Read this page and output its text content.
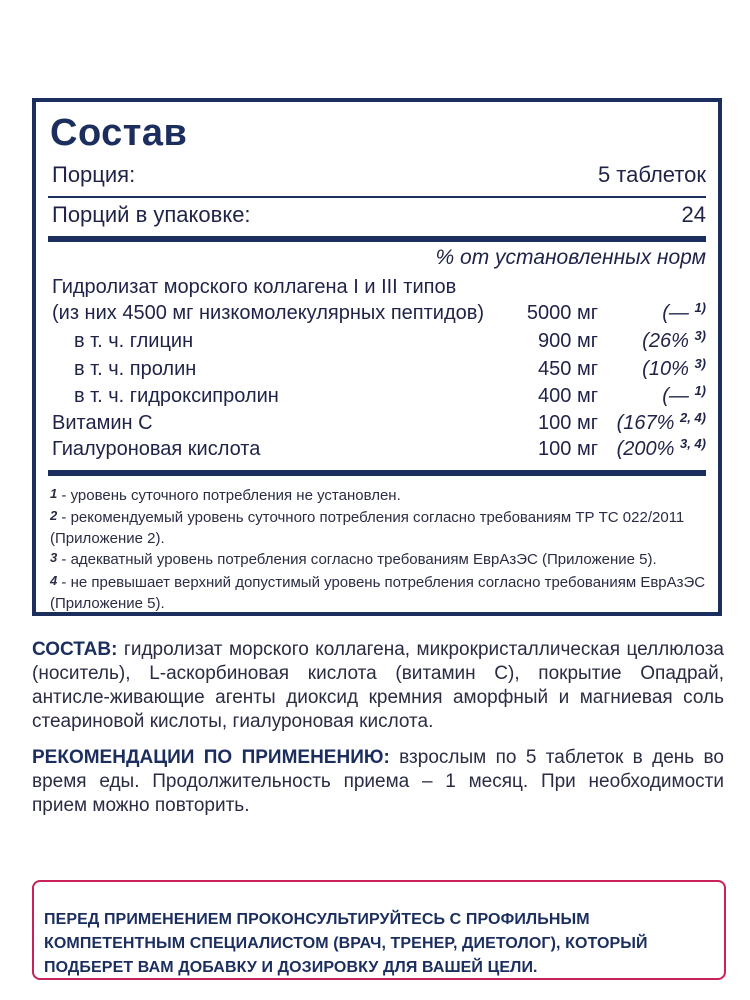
Состав
Порция:	5 таблеток
Порций в упаковке:	24
% от установленных норм
Гидролизат морского коллагена I и III типов
(из них 4500 мг низкомолекулярных пептидов) 5000 мг	(— $^{1)}$
в т. ч. глицин	900 мг (26% $^{3)}$
в т. ч. пролин	450 мг (10% $^{3)}$
в т. ч. гидроксипролин	400 мг	(— $^{1)}$
Витамин С	100 мг (167% $^{2, 4)}$
Гиалуроновая кислота	100 мг (200% $^{3, 4)}$
$^1$ - уровень суточного потребления не установлен.
$^2$ - рекомендуемый уровень суточного потребления согласно требованиям ТР ТС 022/2011 (Приложение 2).
$^3$ - адекватный уровень потребления согласно требованиям ЕврАзЭС (Приложение 5).
$^4$ - не превышает верхний допустимый уровень потребления согласно требованиям ЕврАзЭС (Приложение 5).
СОСТАВ: гидролизат морского коллагена, микрокристаллическая целлюлоза (носитель), L-аскорбиновая кислота (витамин С), покрытие Опадрай, антисле-живающие агенты диоксид кремния аморфный и магниевая соль стеариновой кислоты, гиалуроновая кислота.
РЕКОМЕНДАЦИИ ПО ПРИМЕНЕНИЮ: взрослым по 5 таблеток в день во время еды. Продолжительность приема – 1 месяц. При необходимости прием можно повторить.
ПЕРЕД ПРИМЕНЕНИЕМ ПРОКОНСУЛЬТИРУЙТЕСЬ С ПРОФИЛЬНЫМ КОМПЕТЕНТНЫМ СПЕЦИАЛИСТОМ (ВРАЧ, ТРЕНЕР, ДИЕТОЛОГ), КОТОРЫЙ ПОДБЕРЕТ ВАМ ДОБАВКУ И ДОЗИРОВКУ ДЛЯ ВАШЕЙ ЦЕЛИ.
